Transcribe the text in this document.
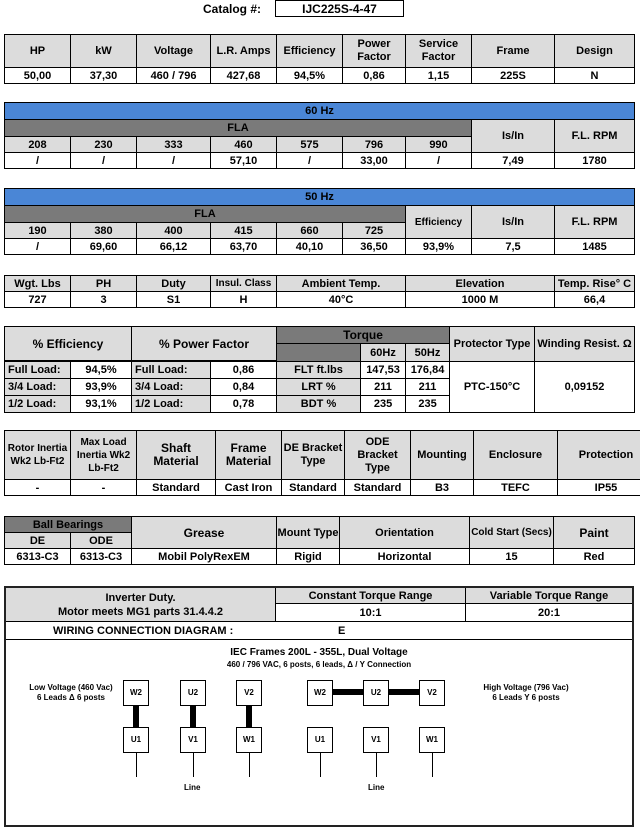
Catalog #:	IJC225S-4-47
HP	kW	Voltage	L.R. Amps	Efficiency	Power Factor	Service Factor	Frame	Design
50,00	37,30	460 / 796	427,68	94,5%	0,86	1,15	225S	N
60 Hz								
FLA							Is/In	F.L. RPM
208	230	333	460	575	796	990		
/	/	/	57,10	/	33,00	/	7,49	1780
50 Hz								
FLA						Efficiency	Is/In	F.L. RPM
190	380	400	415	660	725			
/	69,60	66,12	63,70	40,10	36,50	93,9%	7,5	1485
Wgt. Lbs	PH	Duty	Insul. Class	Ambient Temp.	Elevation	Temp. Rise° C
727	3	S1	H	40°C	1000 M	66,4
% Efficiency		% Power Factor		Torque			Protector Type	Winding Resist. Ω
					60Hz	50Hz		

Full Load:	94,5%	Full Load:	0,86	FLT ft.lbs	147,53	176,84	PTC-150°C	0,09152
3/4 Load:	93,9%	3/4 Load:	0,84	LRT %	211	211		
1/2 Load:	93,1%	1/2 Load:	0,78	BDT %	235	235		
Rotor Inertia Wk2 Lb-Ft2	Max Load Inertia Wk2 Lb-Ft2	Shaft Material	Frame Material	DE Bracket Type	ODE Bracket Type	Mounting	Enclosure	Protection
-	-	Standard	Cast Iron	Standard	Standard	B3	TEFC	IP55
Ball Bearings		Grease	Mount Type	Orientation	Cold Start (Secs)	Paint
DE	ODE					
6313-C3	6313-C3	Mobil PolyRexEM	Rigid	Horizontal	15	Red
Inverter Duty.
Motor meets MG1 parts 31.4.4.2
Constant Torque Range	Variable Torque Range
10:1	20:1
WIRING CONNECTION DIAGRAM :	E
IEC Frames 200L - 355L, Dual Voltage
460 / 796 VAC, 6 posts, 6 leads, Δ / Y Connection
Low Voltage (460 Vac)
6 Leads Δ 6 posts
High Voltage (796 Vac)
6 Leads Y 6 posts
W2	U2	V2
U1	V1	W1
Line
W2	U2	V2
U1	V1	W1
Line
